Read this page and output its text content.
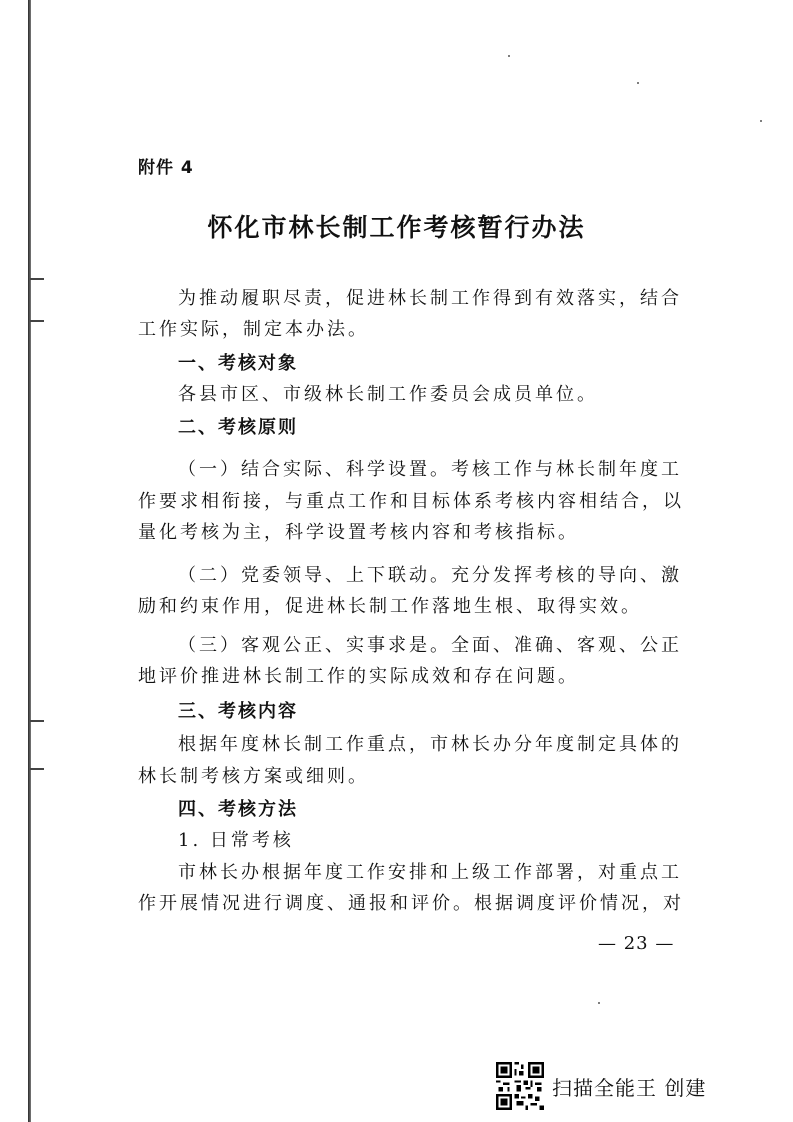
附件 4
怀化市林长制工作考核暂行办法
为推动履职尽责，促进林长制工作得到有效落实，结合
工作实际，制定本办法。
一、考核对象
各县市区、市级林长制工作委员会成员单位。
二、考核原则
（一）结合实际、科学设置。考核工作与林长制年度工
作要求相衔接，与重点工作和目标体系考核内容相结合，以
量化考核为主，科学设置考核内容和考核指标。
（二）党委领导、上下联动。充分发挥考核的导向、激
励和约束作用，促进林长制工作落地生根、取得实效。
（三）客观公正、实事求是。全面、准确、客观、公正
地评价推进林长制工作的实际成效和存在问题。
三、考核内容
根据年度林长制工作重点，市林长办分年度制定具体的
林长制考核方案或细则。
四、考核方法
1. 日常考核
市林长办根据年度工作安排和上级工作部署，对重点工
作开展情况进行调度、通报和评价。根据调度评价情况，对
— 23 —
扫描全能王 创建
